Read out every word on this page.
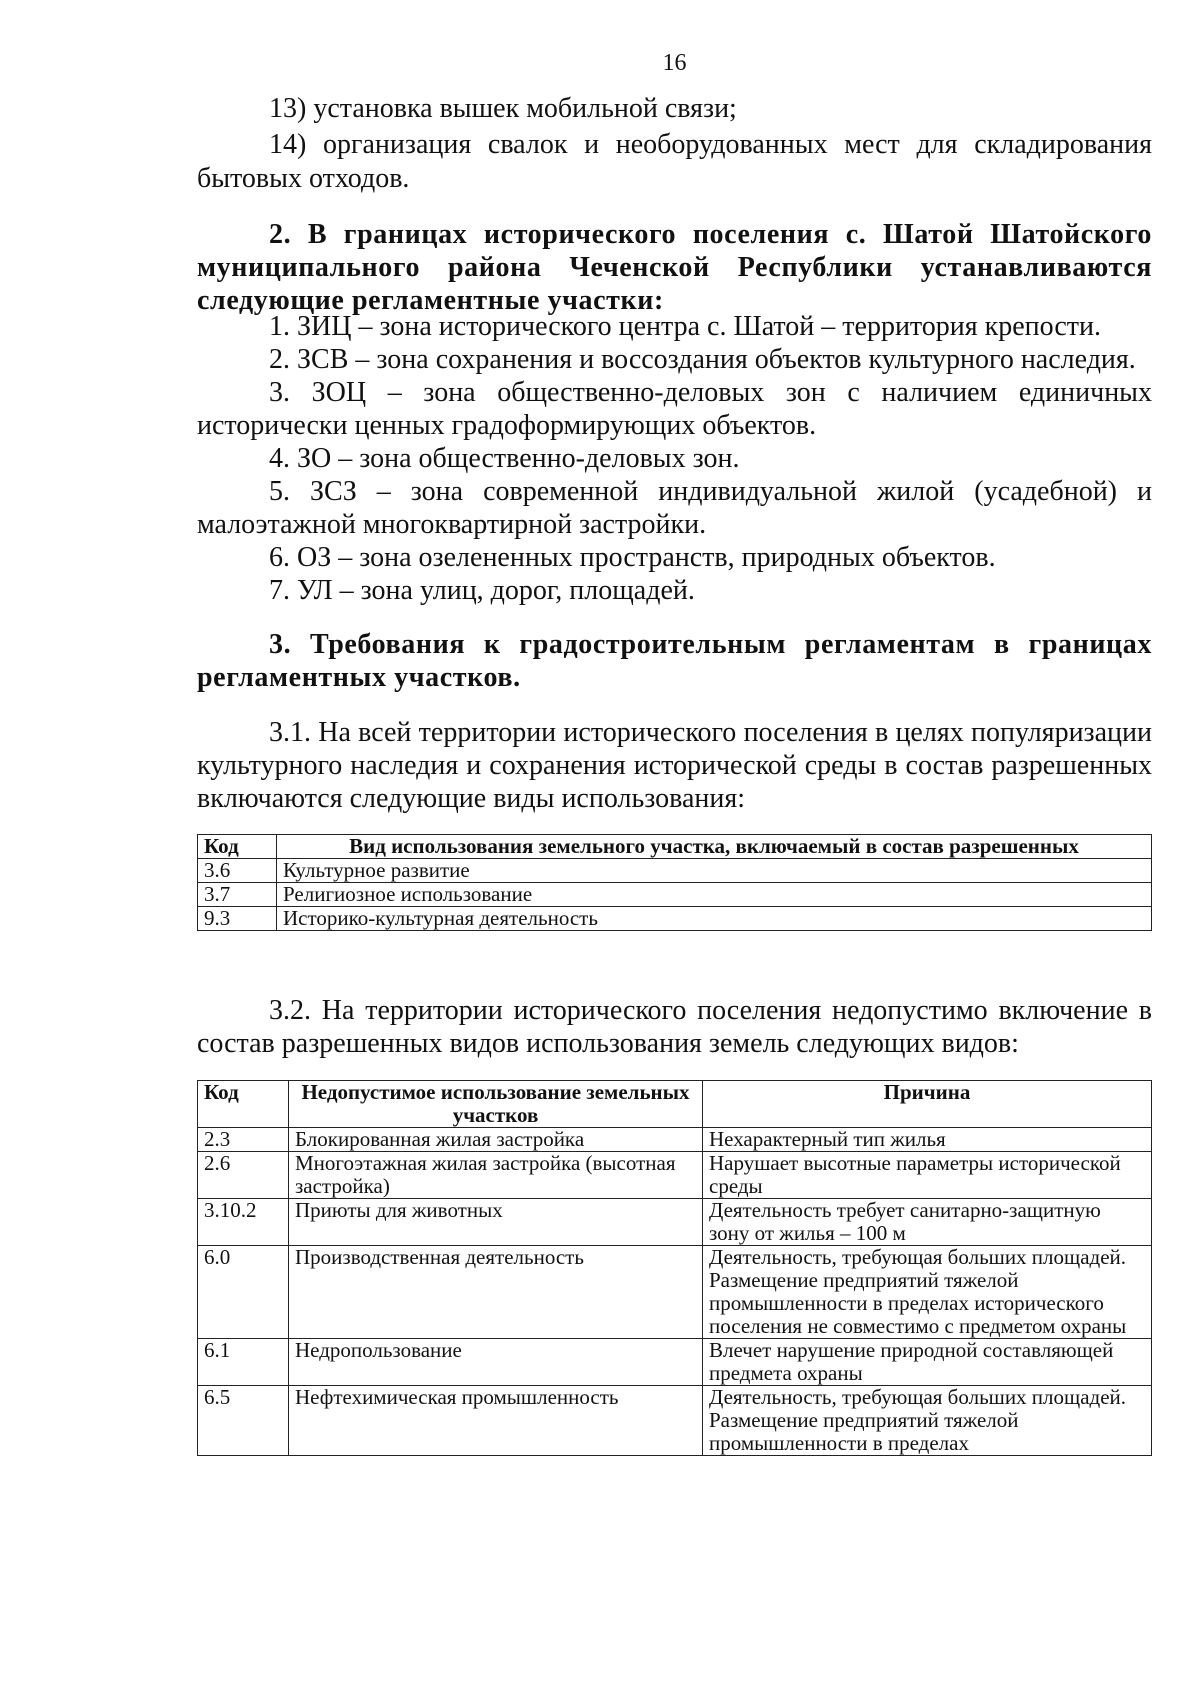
16

13) установка вышек мобильной связи;

14) организация свалок и необорудованных мест для складирования

бытовых отходов.

2. В границах исторического поселения с. Шатой Шатойского муниципального района Чеченской Республики устанавливаются следующие регламентные участки:

1. ЗИЦ – зона исторического центра с. Шатой – территория крепости.

2. ЗСВ – зона сохранения и воссоздания объектов культурного наследия.

3. ЗОЦ – зона общественно-деловых зон с наличием единичных исторически ценных градоформирующих объектов.

4. ЗО – зона общественно-деловых зон.

5. ЗСЗ – зона современной индивидуальной жилой (усадебной) и малоэтажной многоквартирной застройки.

6. ОЗ – зона озелененных пространств, природных объектов.

7. УЛ – зона улиц, дорог, площадей.

3. Требования к градостроительным регламентам в границах регламентных участков.

3.1. На всей территории исторического поселения в целях популяризации культурного наследия и сохранения исторической среды в состав разрешенных включаются следующие виды использования:

Код	Вид использования земельного участка, включаемый в состав разрешенных
3.6	Культурное развитие
3.7	Религиозное использование
9.3	Историко-культурная деятельность

3.2. На территории исторического поселения недопустимо включение в состав разрешенных видов использования земель следующих видов:

Код	Недопустимое использование земельных участков	Причина
2.3	Блокированная жилая застройка	Нехарактерный тип жилья
2.6	Многоэтажная жилая застройка (высотная застройка)	Нарушает высотные параметры исторической среды
3.10.2	Приюты для животных	Деятельность требует санитарно-защитную зону от жилья – 100 м
6.0	Производственная деятельность	Деятельность, требующая больших площадей. Размещение предприятий тяжелой промышленности в пределах исторического поселения не совместимо с предметом охраны
6.1	Недропользование	Влечет нарушение природной составляющей предмета охраны
6.5	Нефтехимическая промышленность	Деятельность, требующая больших площадей. Размещение предприятий тяжелой промышленности в пределах
